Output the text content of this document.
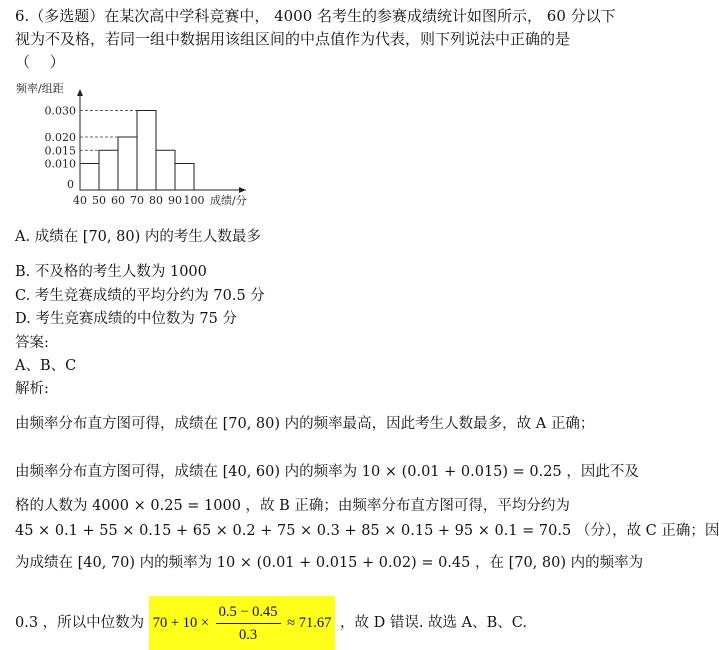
6.（多选题）在某次高中学科竞赛中， 4000 名考生的参赛成绩统计如图所示， 60 分以下
视为不及格，若同一组中数据用该组区间的中点值作为代表，则下列说法中正确的是
（　 ）
频率/组距
成绩/分
0.030
0.020
0.015
0.010
0
40 50 60 70 80 90 100
A. 成绩在 [70, 80) 内的考生人数最多
B. 不及格的考生人数为 1000
C. 考生竞赛成绩的平均分约为 70.5 分
D. 考生竞赛成绩的中位数为 75 分
答案:
A、B、C
解析:
由频率分布直方图可得，成绩在 [70, 80) 内的频率最高，因此考生人数最多，故 A 正确；
由频率分布直方图可得，成绩在 [40, 60) 内的频率为 10 × (0.01 + 0.015) = 0.25 ，因此不及
格的人数为 4000 × 0.25 = 1000 ，故 B 正确；由频率分布直方图可得，平均分约为
45 × 0.1 + 55 × 0.15 + 65 × 0.2 + 75 × 0.3 + 85 × 0.15 + 95 × 0.1 = 70.5 （分），故 C 正确；因
为成绩在 [40, 70) 内的频率为 10 × (0.01 + 0.015 + 0.02) = 0.45 ，在 [70, 80) 内的频率为
0.3 ，所以中位数为 $70 + 10 \times \frac{0.5 - 0.45}{0.3} \approx 71.67$ ，故 D 错误. 故选 A、B、C.
